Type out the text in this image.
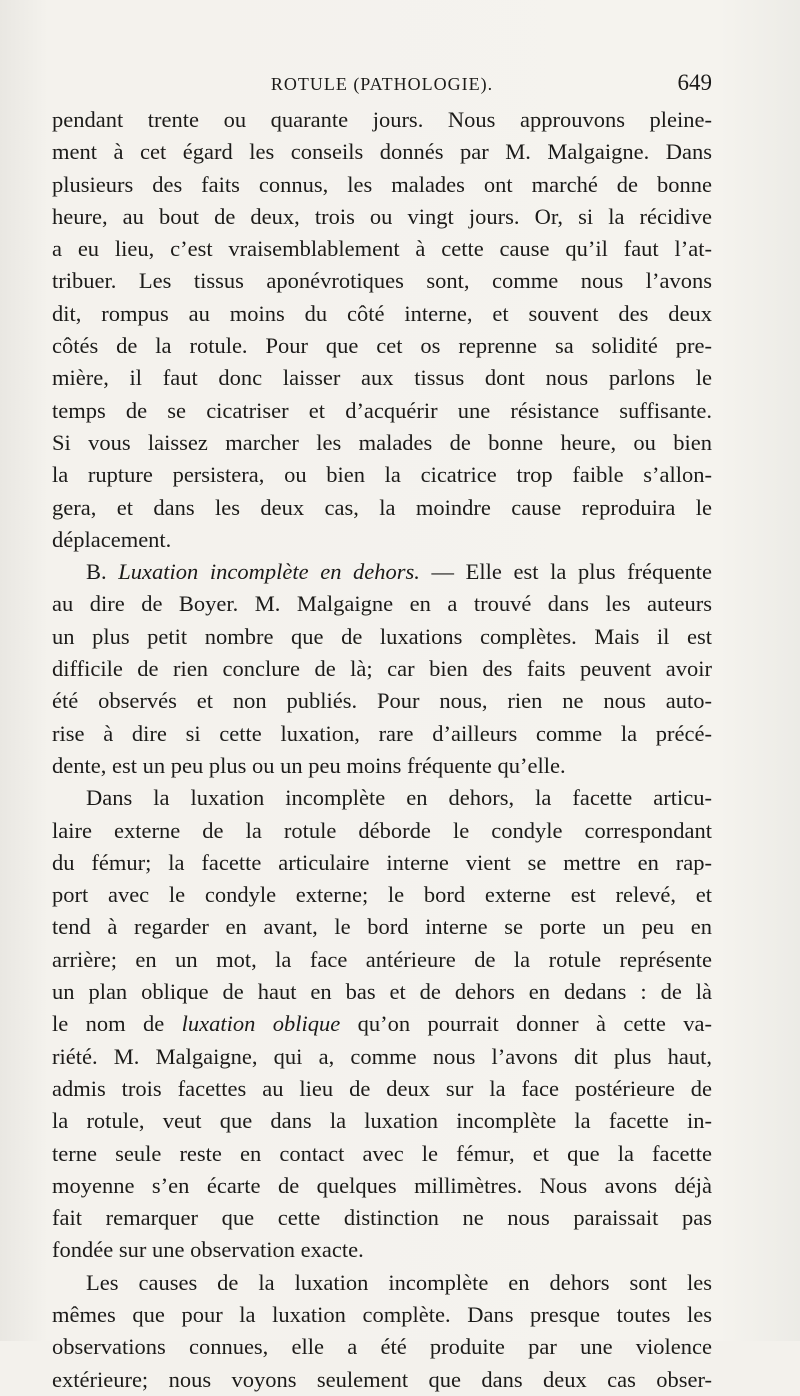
ROTULE (PATHOLOGIE).	649
pendant trente ou quarante jours. Nous approuvons pleine-
ment à cet égard les conseils donnés par M. Malgaigne. Dans
plusieurs des faits connus, les malades ont marché de bonne
heure, au bout de deux, trois ou vingt jours. Or, si la récidive
a eu lieu, c’est vraisemblablement à cette cause qu’il faut l’at-
tribuer. Les tissus aponévrotiques sont, comme nous l’avons
dit, rompus au moins du côté interne, et souvent des deux
côtés de la rotule. Pour que cet os reprenne sa solidité pre-
mière, il faut donc laisser aux tissus dont nous parlons le
temps de se cicatriser et d’acquérir une résistance suffisante.
Si vous laissez marcher les malades de bonne heure, ou bien
la rupture persistera, ou bien la cicatrice trop faible s’allon-
gera, et dans les deux cas, la moindre cause reproduira le
déplacement.
B. Luxation incomplète en dehors. — Elle est la plus fréquente
au dire de Boyer. M. Malgaigne en a trouvé dans les auteurs
un plus petit nombre que de luxations complètes. Mais il est
difficile de rien conclure de là; car bien des faits peuvent avoir
été observés et non publiés. Pour nous, rien ne nous auto-
rise à dire si cette luxation, rare d’ailleurs comme la précé-
dente, est un peu plus ou un peu moins fréquente qu’elle.
Dans la luxation incomplète en dehors, la facette articu-
laire externe de la rotule déborde le condyle correspondant
du fémur; la facette articulaire interne vient se mettre en rap-
port avec le condyle externe; le bord externe est relevé, et
tend à regarder en avant, le bord interne se porte un peu en
arrière; en un mot, la face antérieure de la rotule représente
un plan oblique de haut en bas et de dehors en dedans : de là
le nom de luxation oblique qu’on pourrait donner à cette va-
riété. M. Malgaigne, qui a, comme nous l’avons dit plus haut,
admis trois facettes au lieu de deux sur la face postérieure de
la rotule, veut que dans la luxation incomplète la facette in-
terne seule reste en contact avec le fémur, et que la facette
moyenne s’en écarte de quelques millimètres. Nous avons déjà
fait remarquer que cette distinction ne nous paraissait pas
fondée sur une observation exacte.
Les causes de la luxation incomplète en dehors sont les
mêmes que pour la luxation complète. Dans presque toutes les
observations connues, elle a été produite par une violence
extérieure; nous voyons seulement que dans deux cas obser-
